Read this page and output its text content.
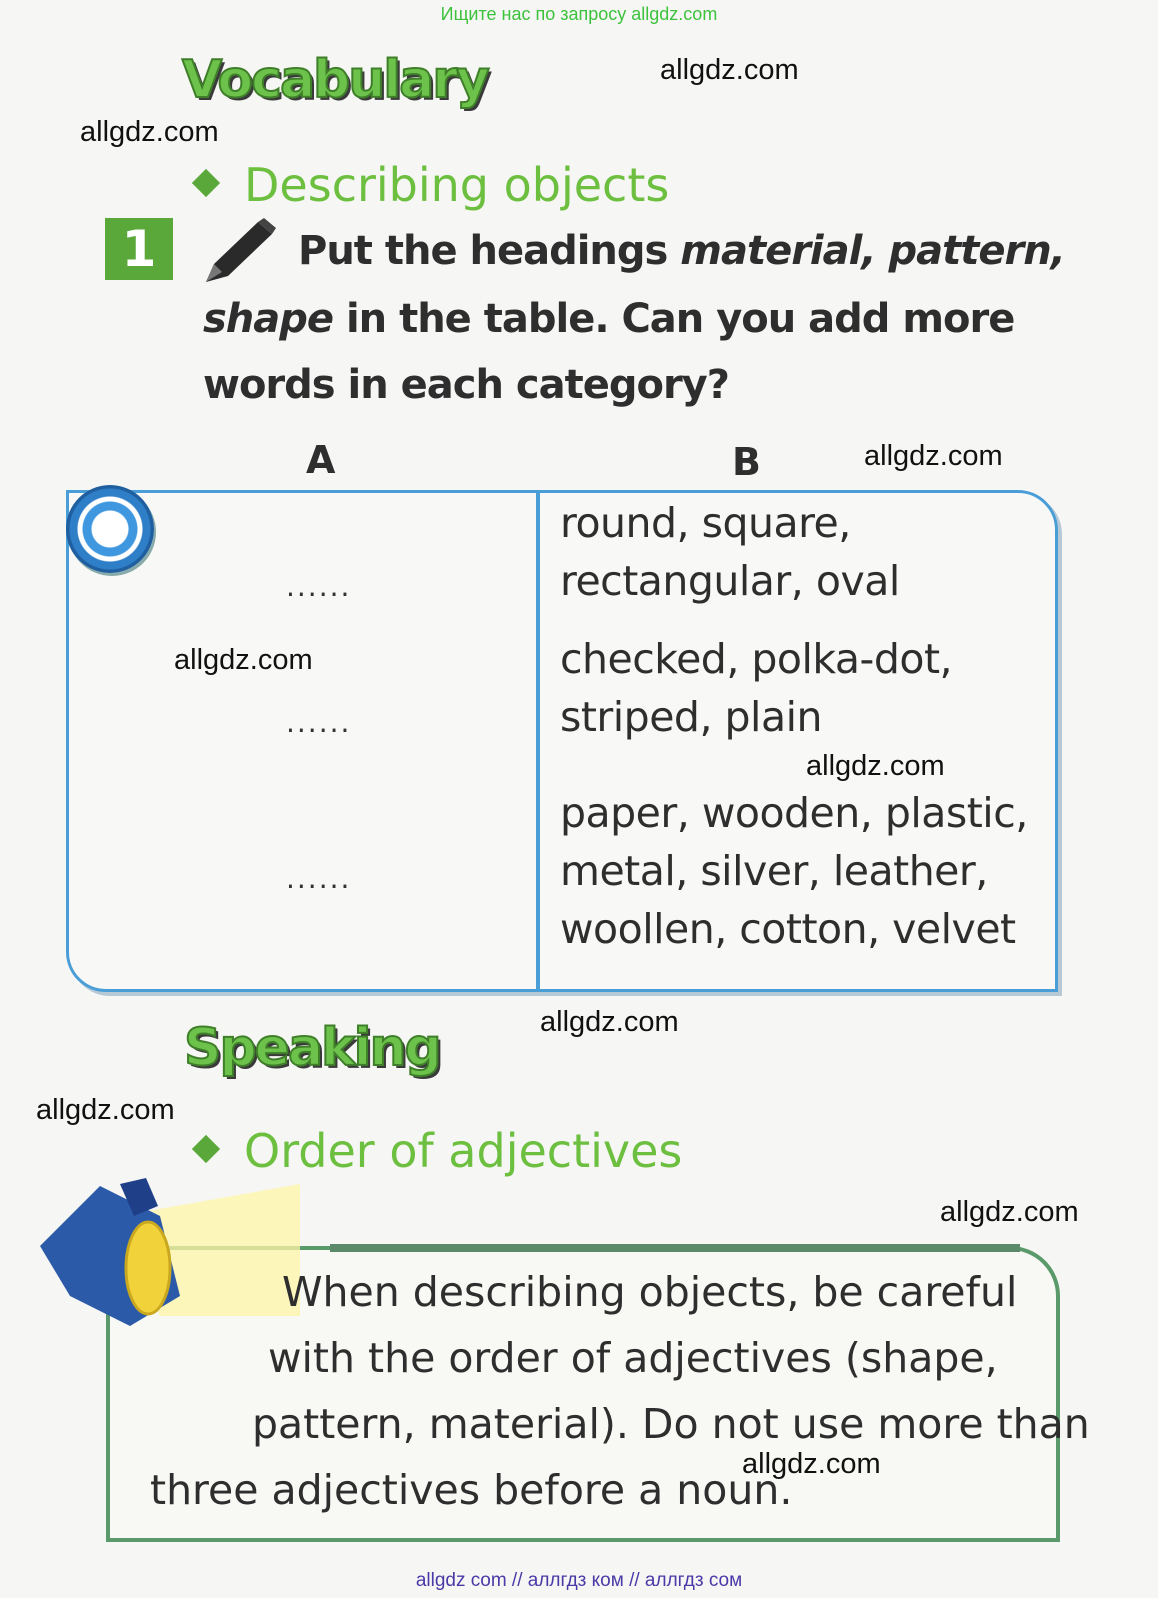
Ищите нас по запросу allgdz.com
Vocabulary
Describing objects
1	Put the headings material, pattern,
shape in the table. Can you add more
words in each category?
A	B
......
round, square,
rectangular, oval
......
checked, polka-dot,
striped, plain
......
paper, wooden, plastic,
metal, silver, leather,
woollen, cotton, velvet
Speaking
Order of adjectives
When describing objects, be careful
with the order of adjectives (shape,
pattern, material). Do not use more than
three adjectives before a noun.
allgdz.com
allgdz.com
allgdz.com
allgdz.com
allgdz.com
allgdz.com
allgdz.com
allgdz.com
allgdz.com
allgdz com // аллгдз ком // аллгдз сом
